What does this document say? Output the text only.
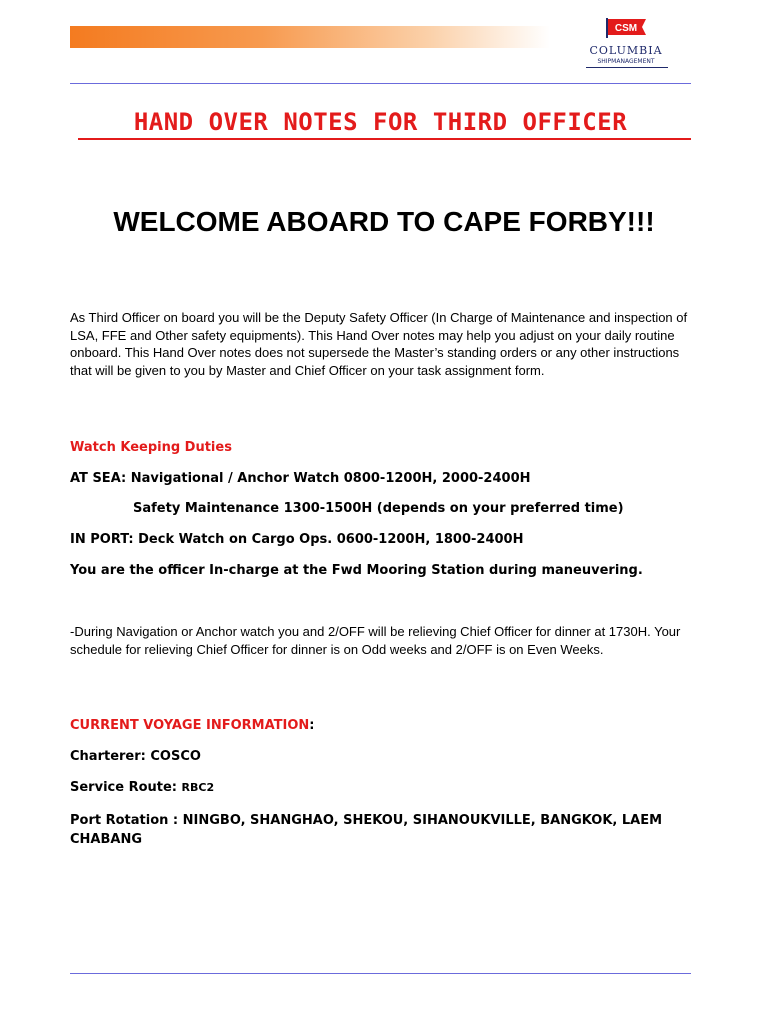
CSM
COLUMBIA
SHIPMANAGEMENT
HAND OVER NOTES FOR THIRD OFFICER
WELCOME ABOARD TO CAPE FORBY!!!

As Third Officer on board you will be the Deputy Safety Officer (In Charge of Maintenance and inspection of LSA, FFE and Other safety equipments). This Hand Over notes may help you adjust on your daily routine onboard. This Hand Over notes does not supersede the Master’s standing orders or any other instructions that will be given to you by Master and Chief Officer on your task assignment form.

Watch Keeping Duties
AT SEA: Navigational / Anchor Watch 0800-1200H, 2000-2400H
Safety Maintenance 1300-1500H (depends on your preferred time)
IN PORT: Deck Watch on Cargo Ops. 0600-1200H, 1800-2400H
You are the officer In-charge at the Fwd Mooring Station during maneuvering.

-During Navigation or Anchor watch you and 2/OFF will be relieving Chief Officer for dinner at 1730H. Your schedule for relieving Chief Officer for dinner is on Odd weeks and 2/OFF is on Even Weeks.

CURRENT VOYAGE INFORMATION:
Charterer: COSCO
Service Route: RBC2

Port Rotation : NINGBO, SHANGHAO, SHEKOU, SIHANOUKVILLE, BANGKOK, LAEM CHABANG
